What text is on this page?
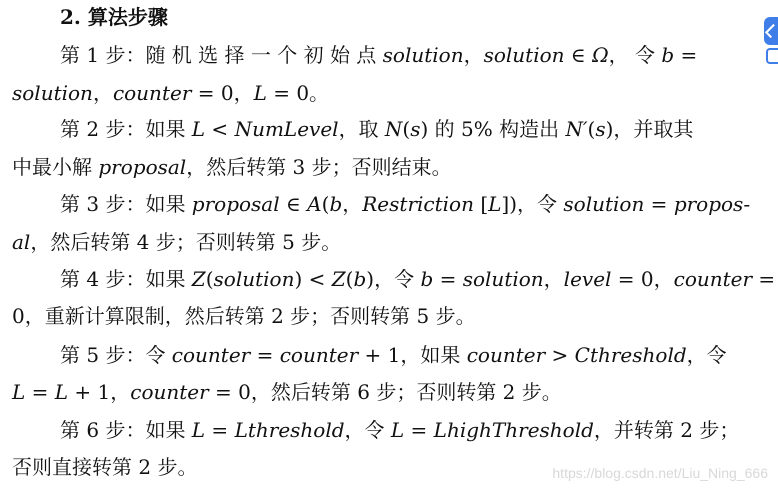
2. 算法步骤
第 1 步：随 机 选 择 一 个 初 始 点 solution，solution ∈ Ω， 令 b =
solution，counter = 0，L = 0。
第 2 步：如果 L < NumLevel，取 N(s) 的 5% 构造出 N′(s)，并取其
中最小解 proposal，然后转第 3 步；否则结束。
第 3 步：如果 proposal ∈ A(b，Restriction [L])，令 solution = propos-
al，然后转第 4 步；否则转第 5 步。
第 4 步：如果 Z(solution) < Z(b)，令 b = solution，level = 0，counter =
0，重新计算限制，然后转第 2 步；否则转第 5 步。
第 5 步：令 counter = counter + 1，如果 counter > Cthreshold，令
L = L + 1，counter = 0，然后转第 6 步；否则转第 2 步。
第 6 步：如果 L = Lthreshold，令 L = LhighThreshold，并转第 2 步；
否则直接转第 2 步。	https://blog.csdn.net/Liu_Ning_666
